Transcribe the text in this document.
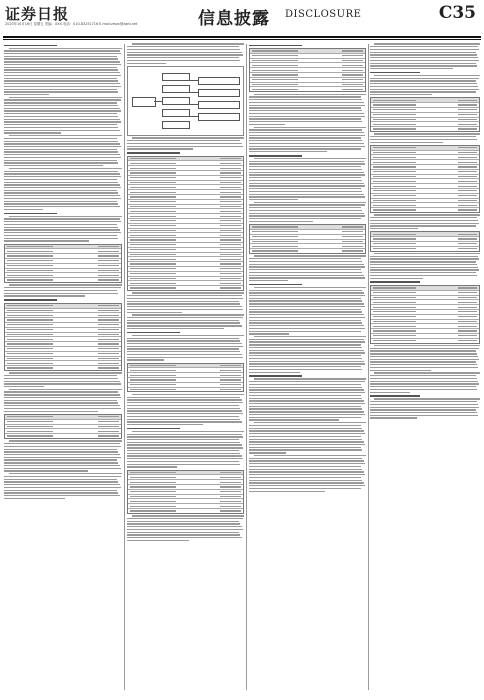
证券日报
2020年10月16日 星期五 责编：XXX 电话：010-83251716 E-mail:zmzx@zqrb.net	信息披露 DISCLOSURE	C35
